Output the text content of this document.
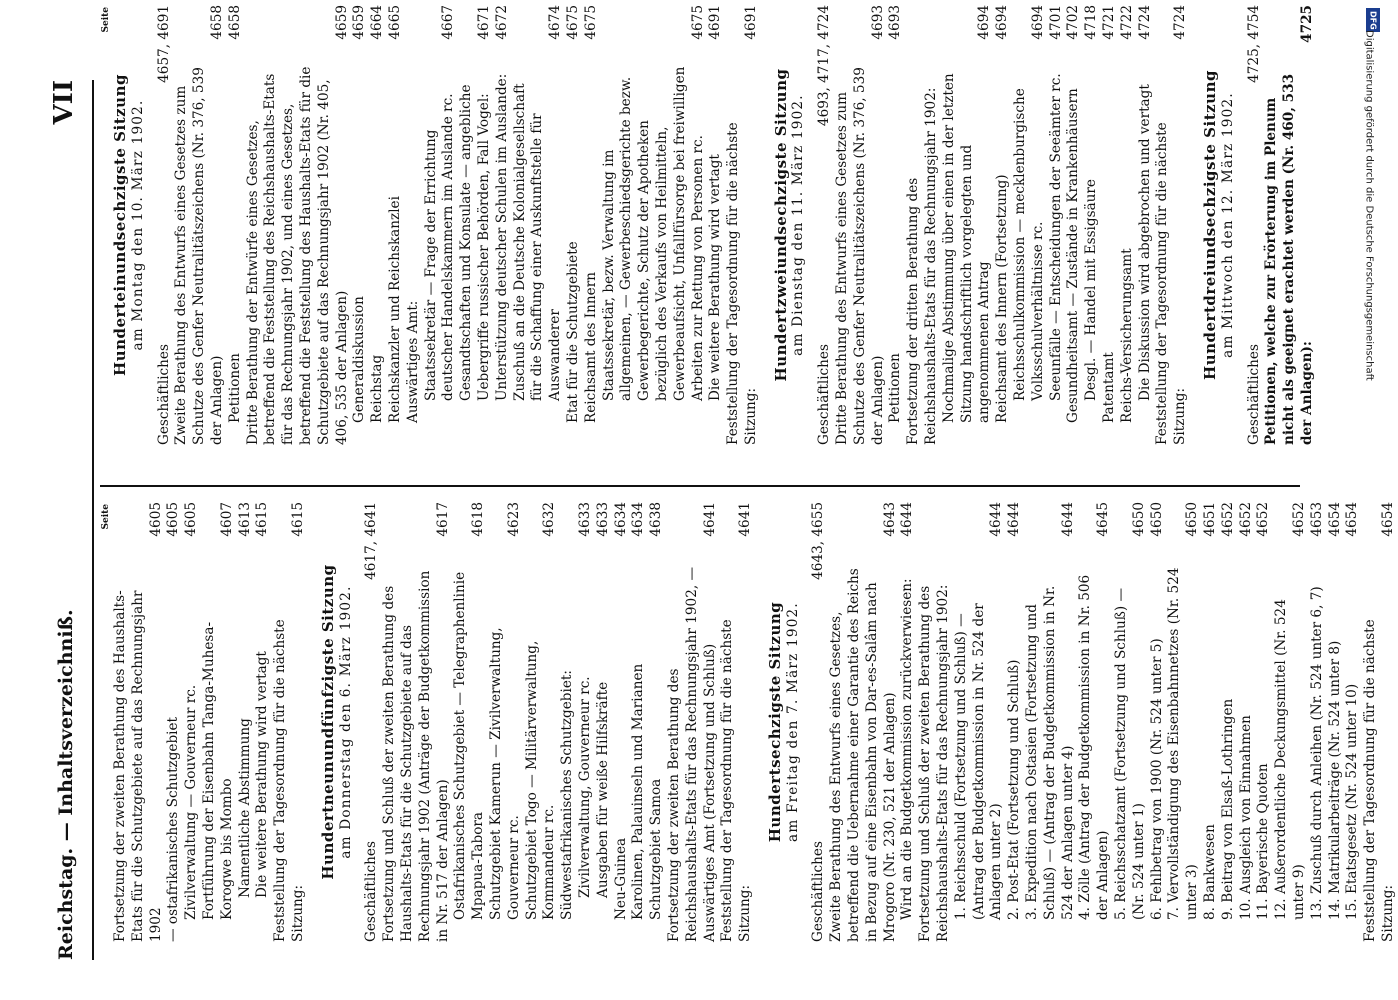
Reichstag. — Inhaltsverzeichniß.
VII
Seite
Fortsetzung der zweiten Berathung des Haushalts-Etats für die Schutzgebiete auf das Rechnungsjahr 1902
4605
— ostafrikanisches Schutzgebiet
4605
Zivilverwaltung — Gouverneur rc.
4605
Fortführung der Eisenbahn Tanga-Muhesa-Korogwe bis Mombo
4607
Namentliche Abstimmung
4613
Die weitere Berathung wird vertagt
4615
Feststellung der Tagesordnung für die nächste Sitzung:
4615
Hundertneunundfünfzigste Sitzung am Donnerstag den 6. März 1902.
Geschäftliches
4617, 4641
Fortsetzung und Schluß der zweiten Berathung des Haushalts-Etats für die Schutzgebiete auf das Rechnungsjahr 1902 (Anträge der Budgetkommission in Nr. 517 der Anlagen)
4617
Ostafrikanisches Schutzgebiet — Telegraphenlinie Mpapua-Tabora
4618
Schutzgebiet Kamerun — Zivilverwaltung, Gouverneur rc.
4623
Schutzgebiet Togo — Militärverwaltung, Kommandeur rc.
4632
Südwestafrikanisches Schutzgebiet: Zivilverwaltung, Gouverneur rc.
4633
Ausgaben für weiße Hilfskräfte
4633
Neu-Guinea
4634
Karolinen, Palauinseln und Marianen
4634
Schutzgebiet Samoa
4638
Fortsetzung der zweiten Berathung des Reichshaushalts-Etats für das Rechnungsjahr 1902, — Auswärtiges Amt (Fortsetzung und Schluß)
4641
Feststellung der Tagesordnung für die nächste Sitzung:
4641
Hundertsechzigste Sitzung am Freitag den 7. März 1902.
Geschäftliches
4643, 4655
Zweite Berathung des Entwurfs eines Gesetzes, betreffend die Uebernahme einer Garantie des Reichs in Bezug auf eine Eisenbahn von Dar-es-Salâm nach Mrogoro (Nr. 230, 521 der Anlagen)
4643
Wird an die Budgetkommission zurückverwiesen:
4644
Fortsetzung und Schluß der zweiten Berathung des Reichshaushalts-Etats für das Rechnungsjahr 1902: 1. Reichsschuld (Fortsetzung und Schluß) — (Antrag der Budgetkommission in Nr. 524 der Anlagen unter 2)
4644
2. Post-Etat (Fortsetzung und Schluß)
4644
3. Expedition nach Ostasien (Fortsetzung und Schluß) — (Antrag der Budgetkommission in Nr. 524 der Anlagen unter 4)
4644
4. Zölle (Antrag der Budgetkommission in Nr. 506 der Anlagen)
4645
5. Reichsschatzamt (Fortsetzung und Schluß) — (Nr. 524 unter 1)
4650
6. Fehlbetrag von 1900 (Nr. 524 unter 5)
4650
7. Vervollständigung des Eisenbahnnetzes (Nr. 524 unter 3)
4650
8. Bankwesen
4651
9. Beitrag von Elsaß-Lothringen
4652
10. Ausgleich von Einnahmen
4652
11. Bayerische Quoten
4652
12. Außerordentliche Deckungsmittel (Nr. 524 unter 9)
4652
13. Zuschuß durch Anleihen (Nr. 524 unter 6, 7)
4653
14. Matrikularbeiträge (Nr. 524 unter 8)
4654
15. Etatsgesetz (Nr. 524 unter 10)
4654
Feststellung der Tagesordnung für die nächste Sitzung:
4654
Seite
Hunderteinundsechzigste Sitzung am Montag den 10. März 1902.
Geschäftliches
4657, 4691
Zweite Berathung des Entwurfs eines Gesetzes zum Schutze des Genfer Neutralitätszeichens (Nr. 376, 539 der Anlagen)
4658
Petitionen
4658
Dritte Berathung der Entwürfe eines Gesetzes, betreffend die Feststellung des Reichshaushalts-Etats für das Rechnungsjahr 1902, und eines Gesetzes, betreffend die Feststellung des Haushalts-Etats für die Schutzgebiete auf das Rechnungsjahr 1902 (Nr. 405, 406, 535 der Anlagen)
4659
Generaldiskussion
4659
Reichstag
4664
Reichskanzler und Reichskanzlei
4665
Auswärtiges Amt: Staatssekretär — Frage der Errichtung deutscher Handelskammern im Auslande rc.
4667
Gesandtschaften und Konsulate — angebliche Uebergriffe russischer Behörden, Fall Vogel:
4671
Unterstützung deutscher Schulen im Auslande:
4672
Zuschuß an die Deutsche Kolonialgesellschaft für die Schaffung einer Auskunftstelle für Auswanderer
4674
Etat für die Schutzgebiete
4675
Reichsamt des Innern
4675
Staatssekretär, bezw. Verwaltung im allgemeinen, — Gewerbeschiedsgerichte bezw. Gewerbegerichte, Schutz der Apotheken bezüglich des Verkaufs von Heilmitteln, Gewerbeaufsicht, Unfallfürsorge bei freiwilligen Arbeiten zur Rettung von Personen rc.
4675
Die weitere Berathung wird vertagt
4691
Feststellung der Tagesordnung für die nächste Sitzung:
4691
Hundertzweiundsechzigste Sitzung am Dienstag den 11. März 1902.
Geschäftliches
4693, 4717, 4724
Dritte Berathung des Entwurfs eines Gesetzes zum Schutze des Genfer Neutralitätszeichens (Nr. 376, 539 der Anlagen)
4693
Petitionen
4693
Fortsetzung der dritten Berathung des Reichshaushalts-Etats für das Rechnungsjahr 1902: Nochmalige Abstimmung über einen in der letzten Sitzung handschriftlich vorgelegten und angenommenen Antrag
4694
Reichsamt des Innern (Fortsetzung)
4694
Reichsschulkommission — mecklenburgische Volksschulverhältnisse rc.
4694
Seeunfälle — Entscheidungen der Seeämter rc.
4701
Gesundheitsamt — Zustände in Krankenhäusern
4702
Desgl. — Handel mit Essigsäure
4718
Patentamt
4721
Reichs-Versicherungsamt
4722
Die Diskussion wird abgebrochen und vertagt
4724
Feststellung der Tagesordnung für die nächste Sitzung:
4724
Hundertdreiundsechzigste Sitzung am Mittwoch den 12. März 1902.
Geschäftliches
4725, 4754
Petitionen, welche zur Erörterung im Plenum nicht als geeignet erachtet werden (Nr. 460, 533 der Anlagen):
4725	DFG
Digitalisierung gefördert durch die Deutsche Forschungsgemeinschaft
